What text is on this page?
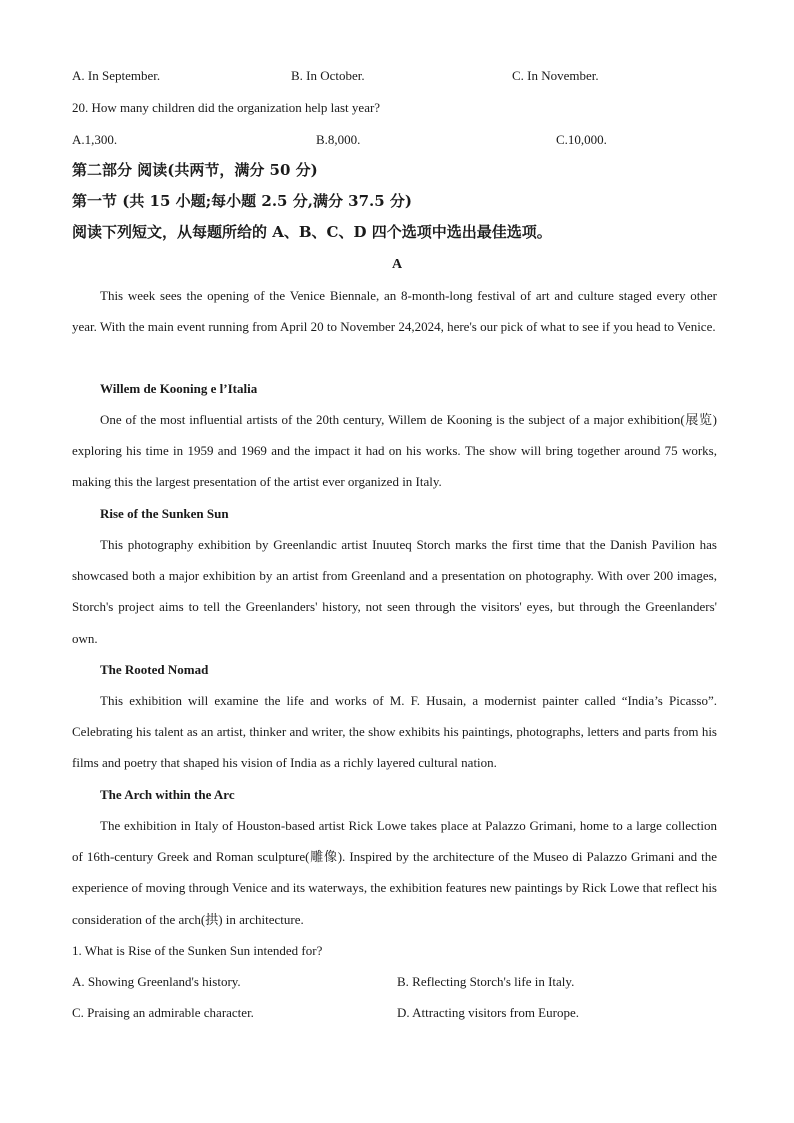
A. In September.	B. In October.	C. In November.
20. How many children did the organization help last year?
A.1,300.	B.8,000.	C.10,000.
第二部分 阅读(共两节，满分 50 分)
第一节 (共 15 小题;每小题 2.5 分,满分 37.5 分)
阅读下列短文，从每题所给的 A、B、C、D 四个选项中选出最佳选项。
A
This week sees the opening of the Venice Biennale, an 8-month-long festival of art and culture staged every other year. With the main event running from April 20 to November 24,2024, here's our pick of what to see if you head to Venice.
Willem de Kooning e l’Italia
One of the most influential artists of the 20th century, Willem de Kooning is the subject of a major exhibition(展览) exploring his time in 1959 and 1969 and the impact it had on his works. The show will bring together around 75 works, making this the largest presentation of the artist ever organized in Italy.
Rise of the Sunken Sun
This photography exhibition by Greenlandic artist Inuuteq Storch marks the first time that the Danish Pavilion has showcased both a major exhibition by an artist from Greenland and a presentation on photography. With over 200 images, Storch's project aims to tell the Greenlanders' history, not seen through the visitors' eyes, but through the Greenlanders' own.
The Rooted Nomad
This exhibition will examine the life and works of M. F. Husain, a modernist painter called “India’s Picasso”. Celebrating his talent as an artist, thinker and writer, the show exhibits his paintings, photographs, letters and parts from his films and poetry that shaped his vision of India as a richly layered cultural nation.
The Arch within the Arc
The exhibition in Italy of Houston-based artist Rick Lowe takes place at Palazzo Grimani, home to a large collection of 16th-century Greek and Roman sculpture(雕像). Inspired by the architecture of the Museo di Palazzo Grimani and the experience of moving through Venice and its waterways, the exhibition features new paintings by Rick Lowe that reflect his consideration of the arch(拱) in architecture.
1. What is Rise of the Sunken Sun intended for?
A. Showing Greenland's history.	B. Reflecting Storch's life in Italy.
C. Praising an admirable character.	D. Attracting visitors from Europe.
